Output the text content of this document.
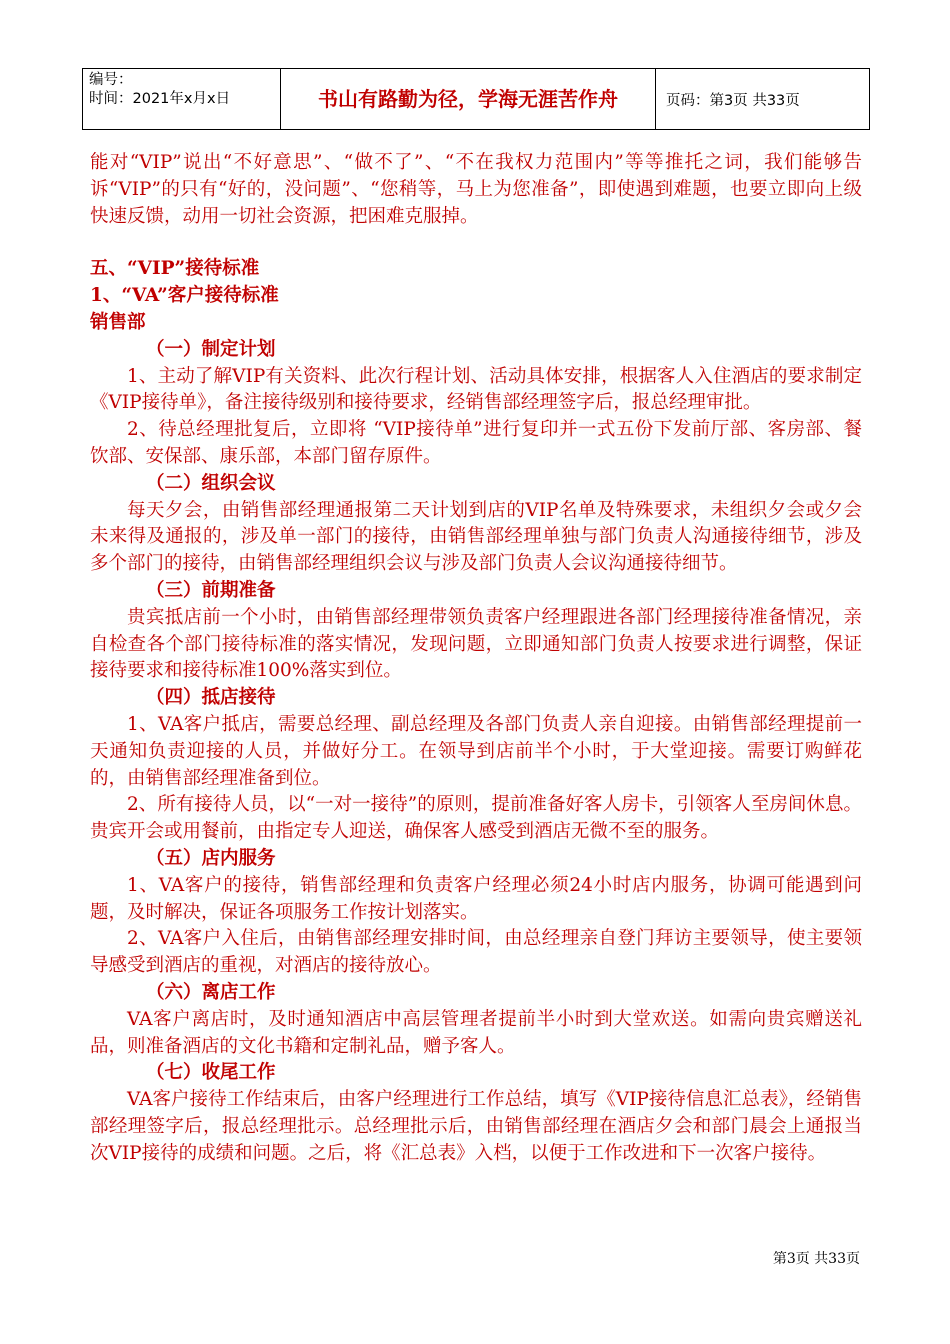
编号：
时间：2021年x月x日	书山有路勤为径，学海无涯苦作舟	页码：第3页 共33页

能对“VIP”说出“不好意思”、“做不了”、“不在我权力范围内”等等推托之词，我们能够告诉“VIP”的只有“好的，没问题”、“您稍等，马上为您准备”，即使遇到难题，也要立即向上级快速反馈，动用一切社会资源，把困难克服掉。

五、“VIP”接待标准

1、“VA”客户接待标准

销售部

（一）制定计划

1、主动了解VIP有关资料、此次行程计划、活动具体安排，根据客人入住酒店的要求制定《VIP接待单》，备注接待级别和接待要求，经销售部经理签字后，报总经理审批。

2、待总经理批复后，立即将 “VIP接待单”进行复印并一式五份下发前厅部、客房部、餐饮部、安保部、康乐部，本部门留存原件。

（二）组织会议

每天夕会，由销售部经理通报第二天计划到店的VIP名单及特殊要求，未组织夕会或夕会未来得及通报的，涉及单一部门的接待，由销售部经理单独与部门负责人沟通接待细节，涉及多个部门的接待，由销售部经理组织会议与涉及部门负责人会议沟通接待细节。

（三）前期准备

贵宾抵店前一个小时，由销售部经理带领负责客户经理跟进各部门经理接待准备情况，亲自检查各个部门接待标准的落实情况，发现问题，立即通知部门负责人按要求进行调整，保证接待要求和接待标准100%落实到位。

（四）抵店接待

1、VA客户抵店，需要总经理、副总经理及各部门负责人亲自迎接。由销售部经理提前一天通知负责迎接的人员，并做好分工。在领导到店前半个小时，于大堂迎接。需要订购鲜花的，由销售部经理准备到位。

2、所有接待人员，以“一对一接待”的原则，提前准备好客人房卡，引领客人至房间休息。贵宾开会或用餐前，由指定专人迎送，确保客人感受到酒店无微不至的服务。

（五）店内服务

1、VA客户的接待，销售部经理和负责客户经理必须24小时店内服务，协调可能遇到问题，及时解决，保证各项服务工作按计划落实。

2、VA客户入住后，由销售部经理安排时间，由总经理亲自登门拜访主要领导，使主要领导感受到酒店的重视，对酒店的接待放心。

（六）离店工作

VA客户离店时，及时通知酒店中高层管理者提前半小时到大堂欢送。如需向贵宾赠送礼品，则准备酒店的文化书籍和定制礼品，赠予客人。

（七）收尾工作

VA客户接待工作结束后，由客户经理进行工作总结，填写《VIP接待信息汇总表》，经销售部经理签字后，报总经理批示。总经理批示后，由销售部经理在酒店夕会和部门晨会上通报当次VIP接待的成绩和问题。之后，将《汇总表》入档，以便于工作改进和下一次客户接待。

第3页 共33页
